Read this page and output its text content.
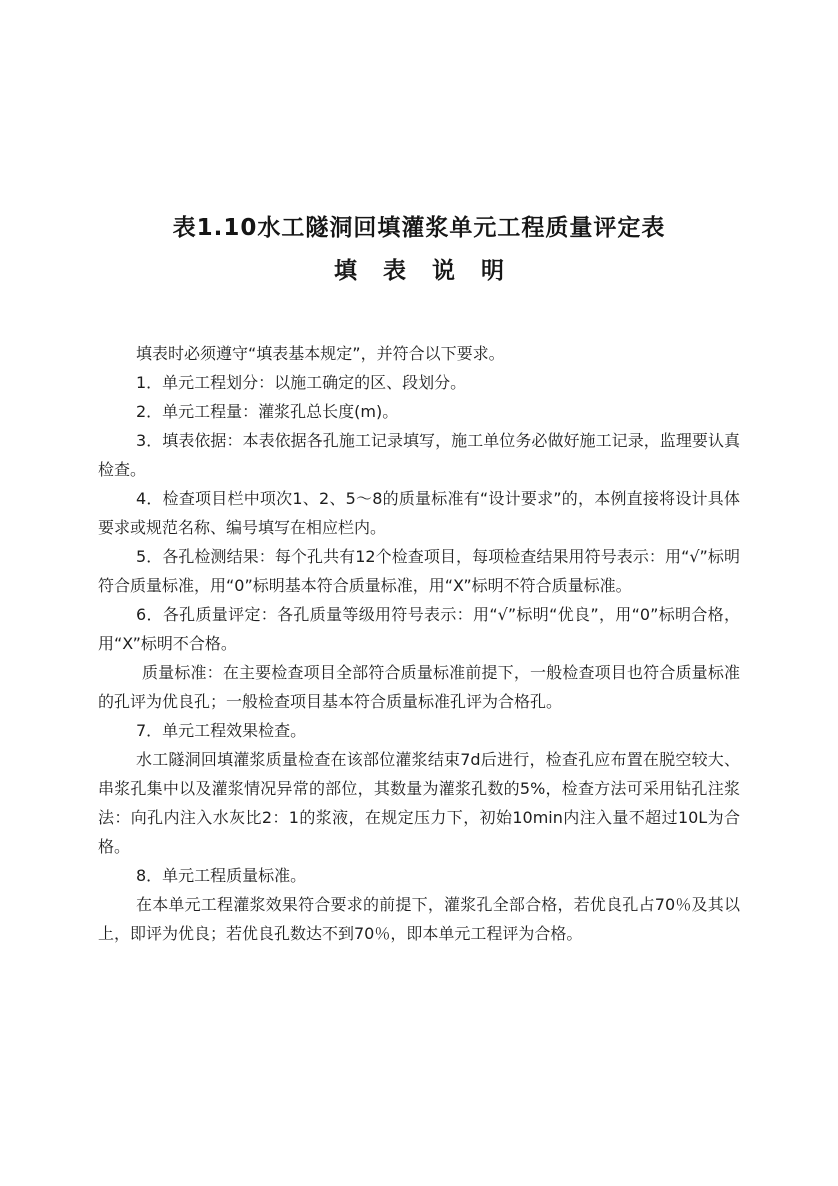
表1.10水工隧洞回填灌浆单元工程质量评定表
填 表 说 明

填表时必须遵守“填表基本规定”，并符合以下要求。

1．单元工程划分：以施工确定的区、段划分。

2．单元工程量：灌浆孔总长度(m)。

3．填表依据：本表依据各孔施工记录填写，施工单位务必做好施工记录，监理要认真检查。

4．检查项目栏中项次1、2、5～8的质量标准有“设计要求”的，本例直接将设计具体要求或规范名称、编号填写在相应栏内。

5．各孔检测结果：每个孔共有12个检查项目，每项检查结果用符号表示：用“√”标明符合质量标准，用“0”标明基本符合质量标准，用“X”标明不符合质量标准。

6．各孔质量评定：各孔质量等级用符号表示：用“√”标明“优良”，用“0”标明合格，用“X”标明不合格。

质量标准：在主要检查项目全部符合质量标准前提下，一般检查项目也符合质量标准的孔评为优良孔；一般检查项目基本符合质量标准孔评为合格孔。

7．单元工程效果检查。

水工隧洞回填灌浆质量检查在该部位灌浆结束7d后进行，检查孔应布置在脱空较大、串浆孔集中以及灌浆情况异常的部位，其数量为灌浆孔数的5%，检查方法可采用钻孔注浆法：向孔内注入水灰比2：1的浆液，在规定压力下，初始10min内注入量不超过10L为合格。

8．单元工程质量标准。

在本单元工程灌浆效果符合要求的前提下，灌浆孔全部合格，若优良孔占70％及其以上，即评为优良；若优良孔数达不到70％，即本单元工程评为合格。
